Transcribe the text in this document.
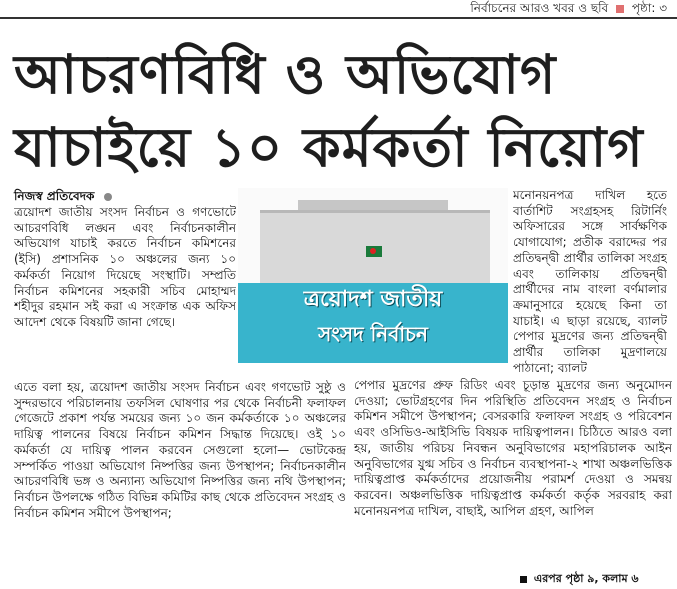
নির্বাচনের আরও খবর ও ছবি পৃষ্ঠা: ৩
আচরণবিধি ও অভিযোগ
যাচাইয়ে ১০ কর্মকর্তা নিয়োগ
নিজস্ব প্রতিবেদক

ত্রয়োদশ জাতীয় সংসদ নির্বাচন ও গণভোটে আচরণবিধি লঙ্ঘন এবং নির্বাচনকালীন অভিযোগ যাচাই করতে নির্বাচন কমিশনের (ইসি) প্রশাসনিক ১০ অঞ্চলের জন্য ১০ কর্মকর্তা নিয়োগ দিয়েছে সংস্থাটি। সম্প্রতি নির্বাচন কমিশনের সহকারী সচিব মোহাম্মদ শহীদুর রহমান সই করা এ সংক্রান্ত এক অফিস আদেশ থেকে বিষয়টি জানা গেছে।

ত্রয়োদশ জাতীয়
সংসদ নির্বাচন

মনোনয়নপত্র দাখিল হতে বার্তাশিট সংগ্রহসহ রিটার্নিং অফিসারের সঙ্গে সার্বক্ষণিক যোগাযোগ; প্রতীক বরাদ্দের পর প্রতিদ্বন্দ্বী প্রার্থীর তালিকা সংগ্রহ এবং তালিকায় প্রতিদ্বন্দ্বী প্রার্থীদের নাম বাংলা বর্ণমালার ক্রমানুসারে হয়েছে কিনা তা যাচাই। এ ছাড়া রয়েছে, ব্যালট পেপার মুদ্রণের জন্য প্রতিদ্বন্দ্বী প্রার্থীর তালিকা মুদ্রণালয়ে পাঠানো; ব্যালট

এতে বলা হয়, ত্রয়োদশ জাতীয় সংসদ নির্বাচন এবং গণভোট সুষ্ঠু ও সুন্দরভাবে পরিচালনায় তফসিল ঘোষণার পর থেকে নির্বাচনী ফলাফল গেজেটে প্রকাশ পর্যন্ত সময়ের জন্য ১০ জন কর্মকর্তাকে ১০ অঞ্চলের দায়িত্ব পালনের বিষয়ে নির্বাচন কমিশন সিদ্ধান্ত দিয়েছে। ওই ১০ কর্মকর্তা যে দায়িত্ব পালন করবেন সেগুলো হলো— ভোটকেন্দ্র সম্পর্কিত পাওয়া অভিযোগ নিষ্পত্তির জন্য উপস্থাপন; নির্বাচনকালীন আচরণবিধি ভঙ্গ ও অন্যান্য অভিযোগ নিষ্পত্তির জন্য নথি উপস্থাপন; নির্বাচন উপলক্ষে গঠিত বিভিন্ন কমিটির কাছ থেকে প্রতিবেদন সংগ্রহ ও নির্বাচন কমিশন সমীপে উপস্থাপন;

পেপার মুদ্রণের প্রুফ রিডিং এবং চূড়ান্ত মুদ্রণের জন্য অনুমোদন দেওয়া; ভোটগ্রহণের দিন পরিস্থিতি প্রতিবেদন সংগ্রহ ও নির্বাচন কমিশন সমীপে উপস্থাপন; বেসরকারি ফলাফল সংগ্রহ ও পরিবেশন এবং ওসিভিও-আইসিভি বিষয়ক দায়িত্বপালন। চিঠিতে আরও বলা হয়, জাতীয় পরিচয় নিবন্ধন অনুবিভাগের মহাপরিচালক আইন অনুবিভাগের যুগ্ম সচিব ও নির্বাচন ব্যবস্থাপনা-২ শাখা অঞ্চলভিত্তিক দায়িত্বপ্রাপ্ত কর্মকর্তাদের প্রয়োজনীয় পরামর্শ দেওয়া ও সমন্বয় করবেন। অঞ্চলভিত্তিক দায়িত্বপ্রাপ্ত কর্মকর্তা কর্তৃক সরবরাহ করা মনোনয়নপত্র দাখিল, বাছাই, আপিল গ্রহণ, আপিল

এরপর পৃষ্ঠা ৯, কলাম ৬
